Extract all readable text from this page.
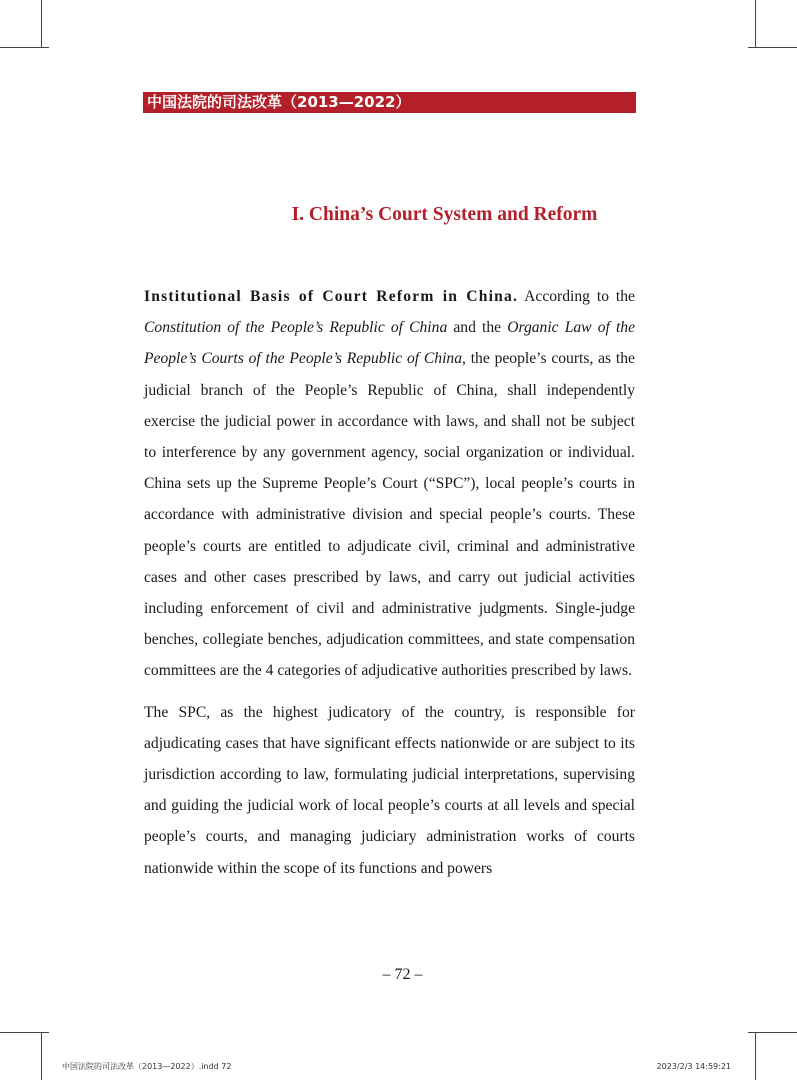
中国法院的司法改革（2013—2022）
I. China’s Court System and Reform

Institutional Basis of Court Reform in China. According to the Constitution of the People’s Republic of China and the Organic Law of the People’s Courts of the People’s Republic of China, the people’s courts, as the judicial branch of the People’s Republic of China, shall independently exercise the judicial power in accordance with laws, and shall not be subject to interference by any government agency, social organization or individual. China sets up the Supreme People’s Court (“SPC”), local people’s courts in accordance with administrative division and special people’s courts. These people’s courts are entitled to adjudicate civil, criminal and administrative cases and other cases prescribed by laws, and carry out judicial activities including enforcement of civil and administrative judgments. Single-judge benches, collegiate benches, adjudication committees, and state compensation committees are the 4 categories of adjudicative authorities prescribed by laws.

The SPC, as the highest judicatory of the country, is responsible for adjudicating cases that have significant effects nationwide or are subject to its jurisdiction according to law, formulating judicial interpretations, supervising and guiding the judicial work of local people’s courts at all levels and special people’s courts, and managing judiciary administration works of courts nationwide within the scope of its functions and powers

– 72 –
中国法院的司法改革（2013—2022）.indd 72	2023/2/3 14:59:21
